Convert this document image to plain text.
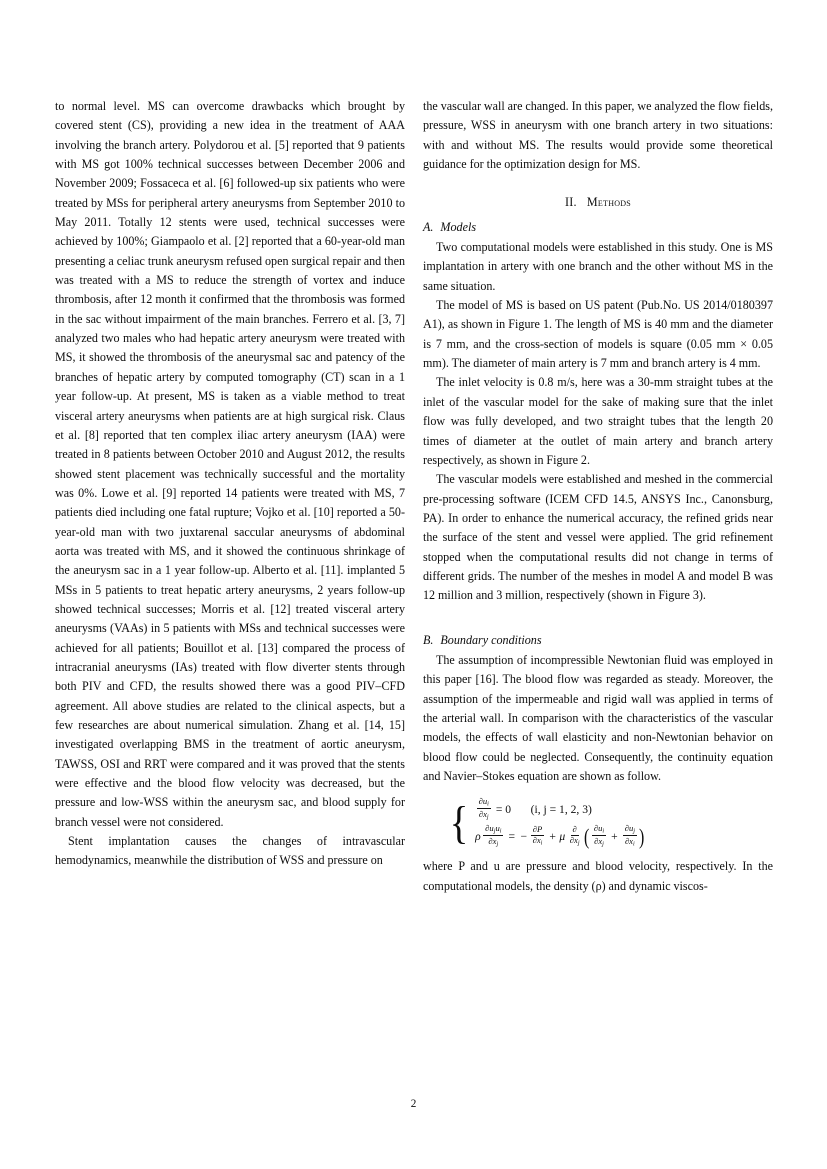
to normal level. MS can overcome drawbacks which brought by covered stent (CS), providing a new idea in the treatment of AAA involving the branch artery. Polydorou et al. [5] reported that 9 patients with MS got 100% technical successes between December 2006 and November 2009; Fossaceca et al. [6] followed-up six patients who were treated by MSs for peripheral artery aneurysms from September 2010 to May 2011. Totally 12 stents were used, technical successes were achieved by 100%; Giampaolo et al. [2] reported that a 60-year-old man presenting a celiac trunk aneurysm refused open surgical repair and then was treated with a MS to reduce the strength of vortex and induce thrombosis, after 12 month it confirmed that the thrombosis was formed in the sac without impairment of the main branches. Ferrero et al. [3, 7] analyzed two males who had hepatic artery aneurysm were treated with MS, it showed the thrombosis of the aneurysmal sac and patency of the branches of hepatic artery by computed tomography (CT) scan in a 1 year follow-up. At present, MS is taken as a viable method to treat visceral artery aneurysms when patients are at high surgical risk. Claus et al. [8] reported that ten complex iliac artery aneurysm (IAA) were treated in 8 patients between October 2010 and August 2012, the results showed stent placement was technically successful and the mortality was 0%. Lowe et al. [9] reported 14 patients were treated with MS, 7 patients died including one fatal rupture; Vojko et al. [10] reported a 50-year-old man with two juxtarenal saccular aneurysms of abdominal aorta was treated with MS, and it showed the continuous shrinkage of the aneurysm sac in a 1 year follow-up. Alberto et al. [11]. implanted 5 MSs in 5 patients to treat hepatic artery aneurysms, 2 years follow-up showed technical successes; Morris et al. [12] treated visceral artery aneurysms (VAAs) in 5 patients with MSs and technical successes were achieved for all patients; Bouillot et al. [13] compared the process of intracranial aneurysms (IAs) treated with flow diverter stents through both PIV and CFD, the results showed there was a good PIV–CFD agreement. All above studies are related to the clinical aspects, but a few researches are about numerical simulation. Zhang et al. [14, 15] investigated overlapping BMS in the treatment of aortic aneurysm, TAWSS, OSI and RRT were compared and it was proved that the stents were effective and the blood flow velocity was decreased, but the pressure and low-WSS within the aneurysm sac, and blood supply for branch vessel were not considered.

Stent implantation causes the changes of intravascular hemodynamics, meanwhile the distribution of WSS and pressure on

the vascular wall are changed. In this paper, we analyzed the flow fields, pressure, WSS in aneurysm with one branch artery in two situations: with and without MS. The results would provide some theoretical guidance for the optimization design for MS.

II. Methods
A. Models

Two computational models were established in this study. One is MS implantation in artery with one branch and the other without MS in the same situation.

The model of MS is based on US patent (Pub.No. US 2014/0180397 A1), as shown in Figure 1. The length of MS is 40 mm and the diameter is 7 mm, and the cross-section of models is square (0.05 mm × 0.05 mm). The diameter of main artery is 7 mm and branch artery is 4 mm.

The inlet velocity is 0.8 m/s, here was a 30-mm straight tubes at the inlet of the vascular model for the sake of making sure that the inlet flow was fully developed, and two straight tubes that the length 20 times of diameter at the outlet of main artery and branch artery respectively, as shown in Figure 2.

The vascular models were established and meshed in the commercial pre-processing software (ICEM CFD 14.5, ANSYS Inc., Canonsburg, PA). In order to enhance the numerical accuracy, the refined grids near the surface of the stent and vessel were applied. The grid refinement stopped when the computational results did not change in terms of different grids. The number of the meshes in model A and model B was 12 million and 3 million, respectively (shown in Figure 3).

B. Boundary conditions

The assumption of incompressible Newtonian fluid was employed in this paper [16]. The blood flow was regarded as steady. Moreover, the assumption of the impermeable and rigid wall was applied in terms of the arterial wall. In comparison with the characteristics of the vascular models, the effects of wall elasticity and non-Newtonian behavior on blood flow could be neglected. Consequently, the continuity equation and Navier–Stokes equation are shown as follow.

{ $\frac{\partial u_i}{\partial x_j} = 0$ (i, j = 1, 2, 3)
ρ $\frac{\partial u_ju_i}{\partial x_j}$ = − $\frac{\partial P}{\partial x_i} + \mu \frac{\partial}{\partial x_j}$ ( $\frac{\partial u_i}{\partial x_j} + \frac{\partial u_j}{\partial x_i}$ )

where P and u are pressure and blood velocity, respectively. In the computational models, the density (ρ) and dynamic viscos-

2
